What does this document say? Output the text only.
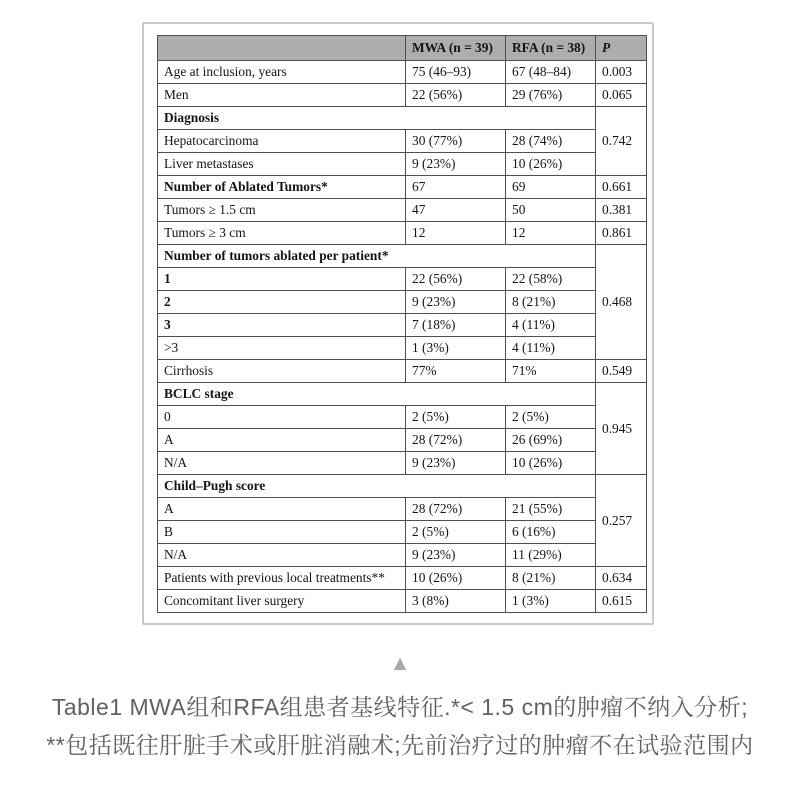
	MWA (n = 39)	RFA (n = 38)	P
Age at inclusion, years	75 (46–93)	67 (48–84)	0.003
Men	22 (56%)	29 (76%)	0.065
Diagnosis			0.742
Hepatocarcinoma	30 (77%)	28 (74%)	
Liver metastases	9 (23%)	10 (26%)	
Number of Ablated Tumors*	67	69	0.661
Tumors ≥ 1.5 cm	47	50	0.381
Tumors ≥ 3 cm	12	12	0.861
Number of tumors ablated per patient*			0.468
1	22 (56%)	22 (58%)	
2	9 (23%)	8 (21%)	
3	7 (18%)	4 (11%)	
>3	1 (3%)	4 (11%)	
Cirrhosis	77%	71%	0.549
BCLC stage			0.945
0	2 (5%)	2 (5%)	
A	28 (72%)	26 (69%)	
N/A	9 (23%)	10 (26%)	
Child–Pugh score			0.257
A	28 (72%)	21 (55%)	
B	2 (5%)	6 (16%)	
N/A	9 (23%)	11 (29%)	
Patients with previous local treatments**	10 (26%)	8 (21%)	0.634
Concomitant liver surgery	3 (8%)	1 (3%)	0.615
▲
Table1 MWA组和RFA组患者基线特征.*< 1.5 cm的肿瘤不纳入分析;
**包括既往肝脏手术或肝脏消融术;先前治疗过的肿瘤不在试验范围内
